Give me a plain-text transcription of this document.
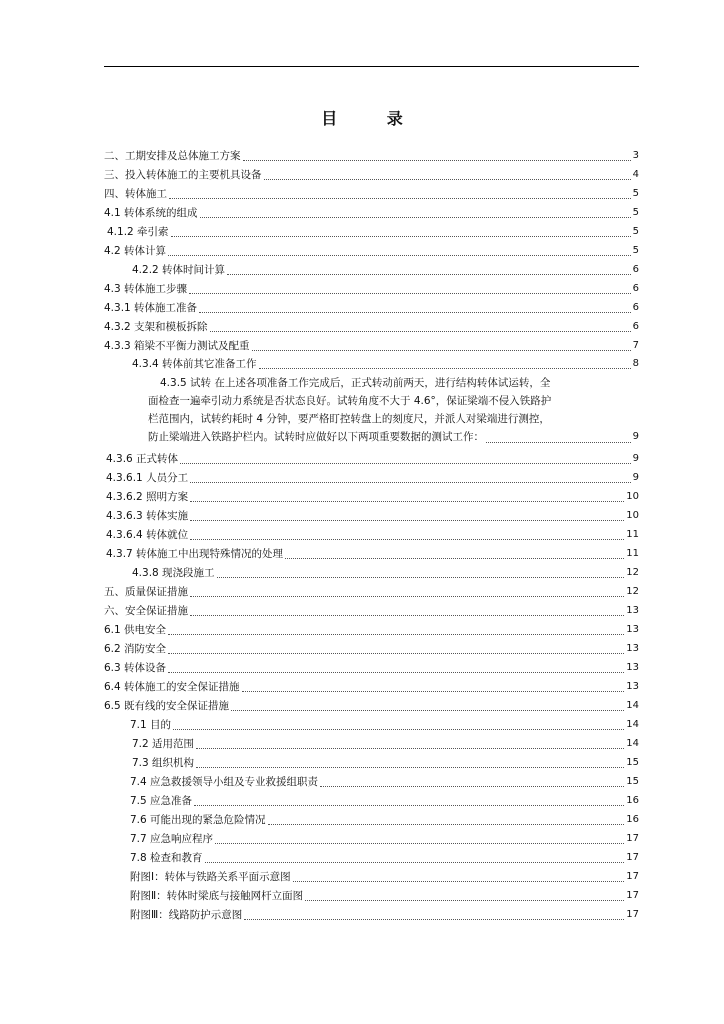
目 录
二、工期安排及总体施工方案	3
三、投入转体施工的主要机具设备	4
四、转体施工	5
4.1 转体系统的组成	5
4.1.2 牵引索	5
4.2 转体计算	5
4.2.2 转体时间计算	6
4.3 转体施工步骤	6
4.3.1 转体施工准备	6
4.3.2 支架和模板拆除	6
4.3.3 箱梁不平衡力测试及配重	7
4.3.4 转体前其它准备工作	8
4.3.5 试转 在上述各项准备工作完成后，正式转动前两天，进行结构转体试运转，全
面检查一遍牵引动力系统是否状态良好。试转角度不大于 4.6°，保证梁端不侵入铁路护
栏范围内，试转约耗时 4 分钟，要严格盯控转盘上的刻度尺，并派人对梁端进行测控，
防止梁端进入铁路护栏内。试转时应做好以下两项重要数据的测试工作：	9
4.3.6 正式转体	9
4.3.6.1 人员分工	9
4.3.6.2 照明方案	10
4.3.6.3 转体实施	10
4.3.6.4 转体就位	11
4.3.7 转体施工中出现特殊情况的处理	11
4.3.8 现浇段施工	12
五、质量保证措施	12
六、安全保证措施	13
6.1 供电安全	13
6.2 消防安全	13
6.3 转体设备	13
6.4 转体施工的安全保证措施	13
6.5 既有线的安全保证措施	14
7.1 目的	14
7.2 适用范围	14
7.3 组织机构	15
7.4 应急救援领导小组及专业救援组职责	15
7.5 应急准备	16
7.6 可能出现的紧急危险情况	16
7.7 应急响应程序	17
7.8 检查和教育	17
附图Ⅰ：转体与铁路关系平面示意图	17
附图Ⅱ：转体时梁底与接触网杆立面图	17
附图Ⅲ：线路防护示意图	17
